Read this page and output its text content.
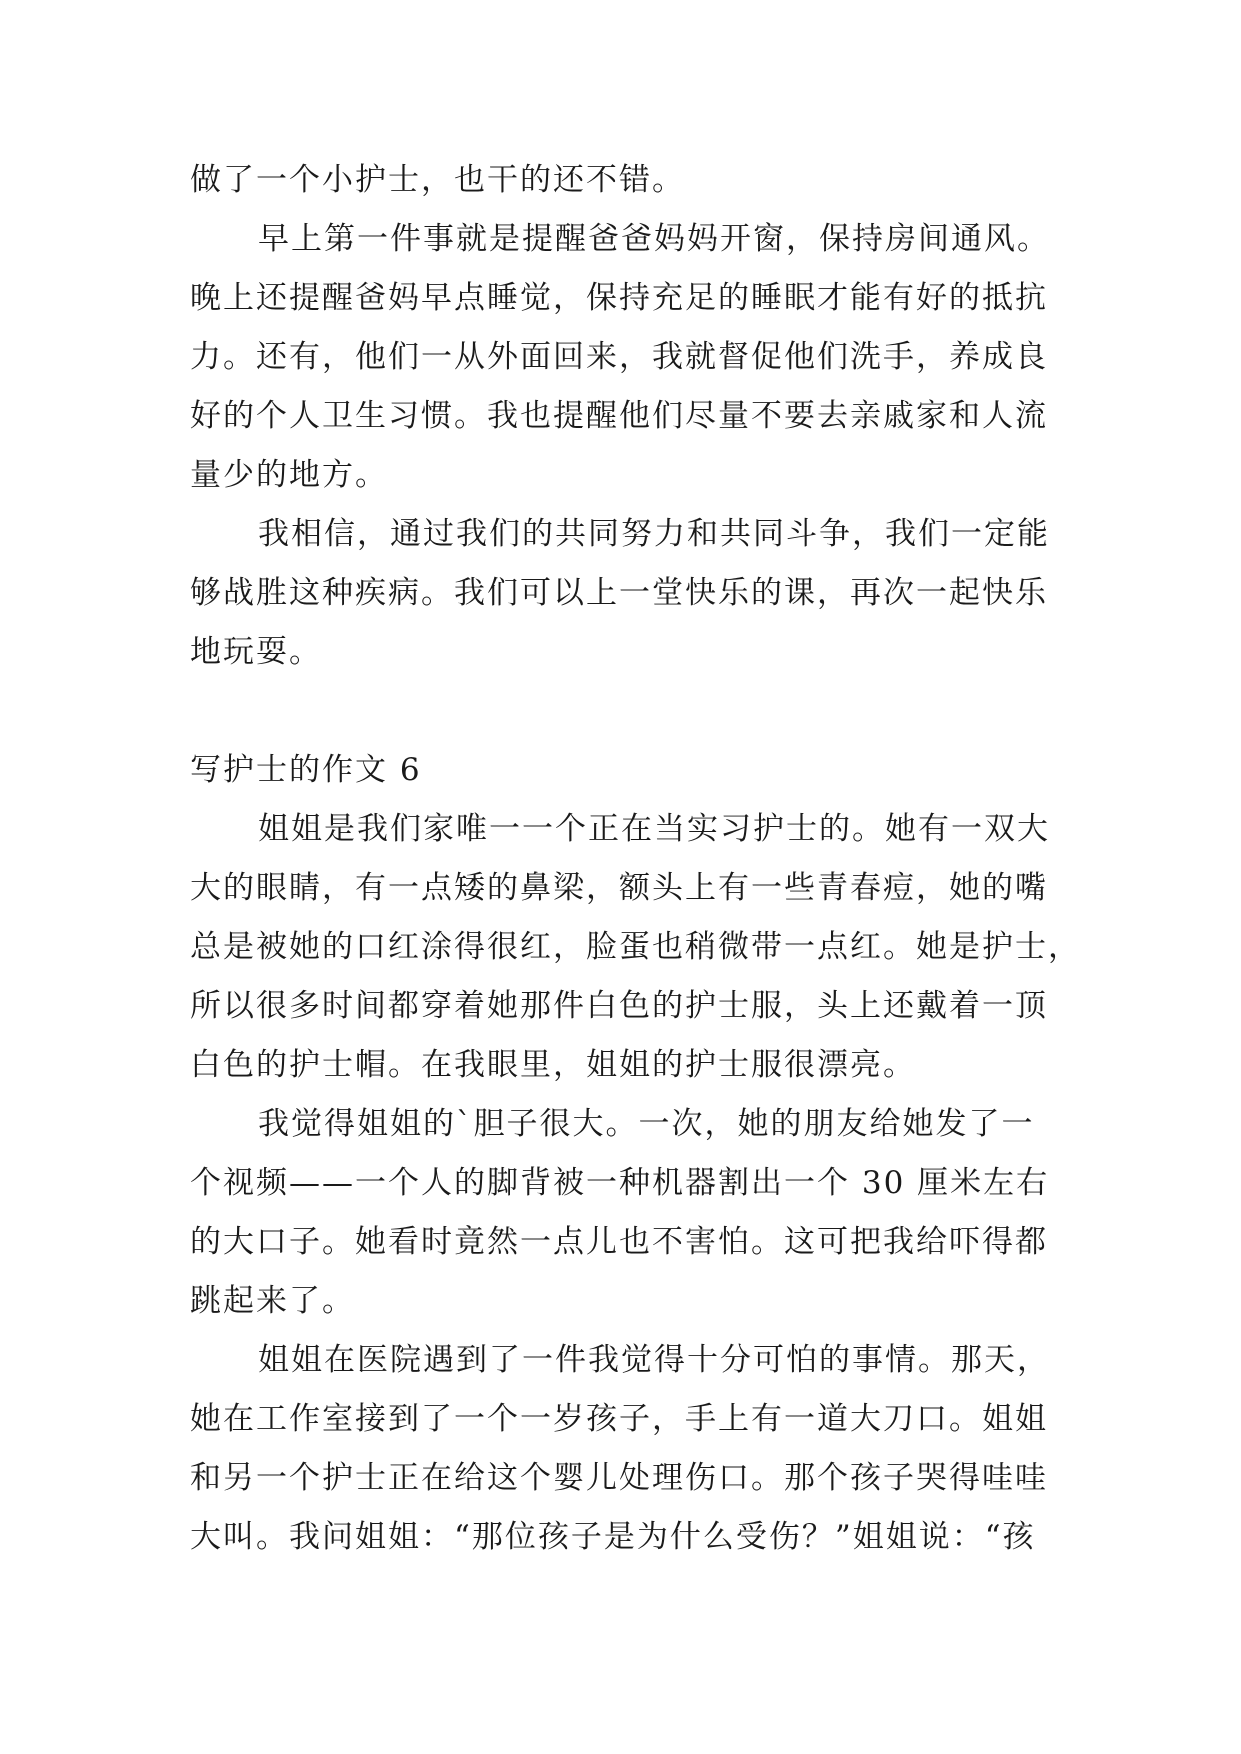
做了一个小护士，也干的还不错。
早上第一件事就是提醒爸爸妈妈开窗，保持房间通风。
晚上还提醒爸妈早点睡觉，保持充足的睡眠才能有好的抵抗
力。还有，他们一从外面回来，我就督促他们洗手，养成良
好的个人卫生习惯。我也提醒他们尽量不要去亲戚家和人流
量少的地方。
我相信，通过我们的共同努力和共同斗争，我们一定能
够战胜这种疾病。我们可以上一堂快乐的课，再次一起快乐
地玩耍。
写护士的作文 6
姐姐是我们家唯一一个正在当实习护士的。她有一双大
大的眼睛，有一点矮的鼻梁，额头上有一些青春痘，她的嘴
总是被她的口红涂得很红，脸蛋也稍微带一点红。她是护士，
所以很多时间都穿着她那件白色的护士服，头上还戴着一顶
白色的护士帽。在我眼里，姐姐的护士服很漂亮。
我觉得姐姐的`胆子很大。一次，她的朋友给她发了一
个视频——一个人的脚背被一种机器割出一个 30 厘米左右
的大口子。她看时竟然一点儿也不害怕。这可把我给吓得都
跳起来了。
姐姐在医院遇到了一件我觉得十分可怕的事情。那天，
她在工作室接到了一个一岁孩子，手上有一道大刀口。姐姐
和另一个护士正在给这个婴儿处理伤口。那个孩子哭得哇哇
大叫。我问姐姐：“那位孩子是为什么受伤？”姐姐说：“孩
